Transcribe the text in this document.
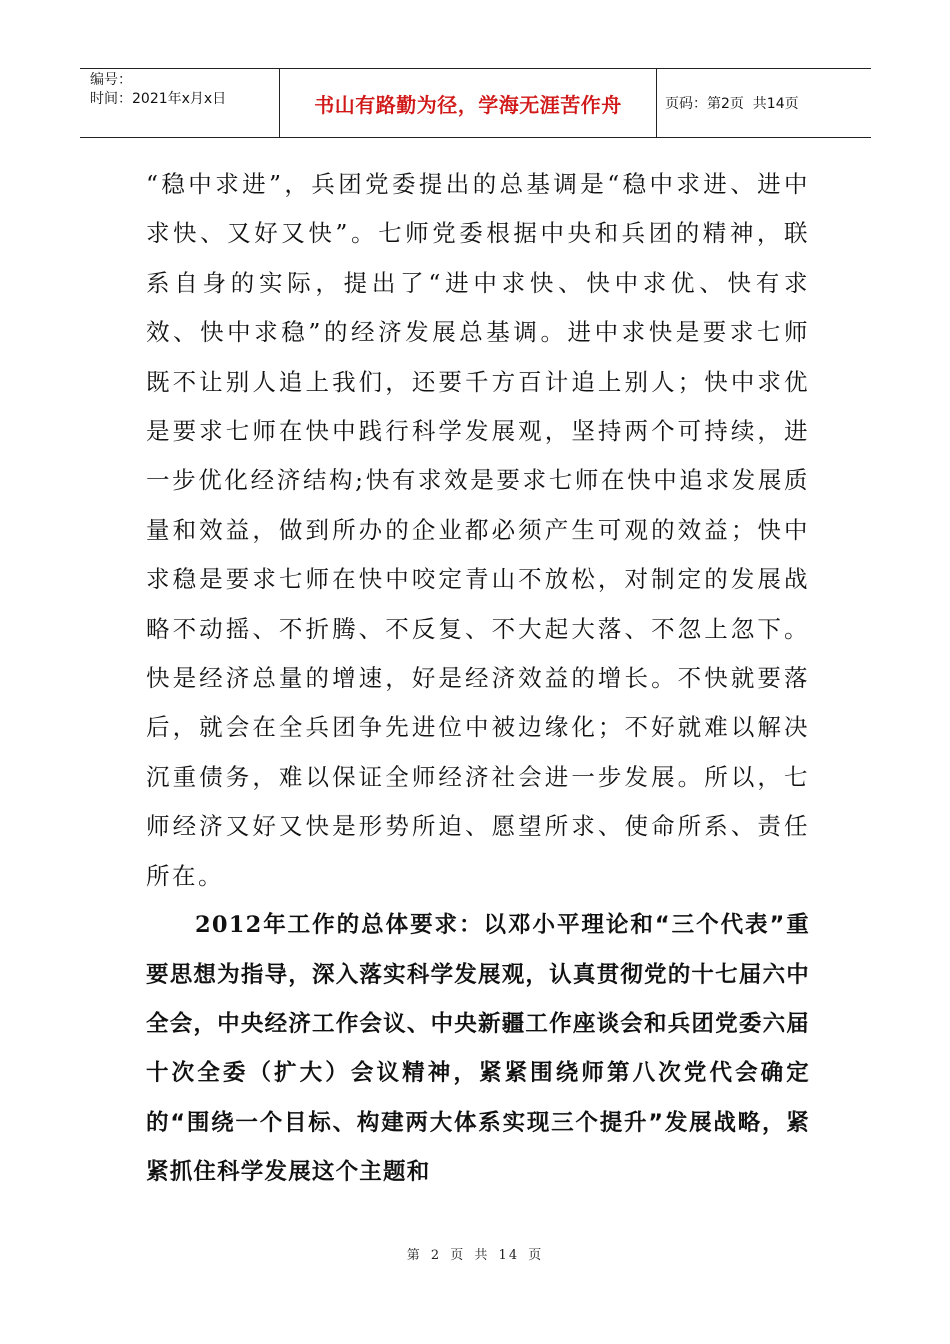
编号：
时间：2021年x月x日	书山有路勤为径，学海无涯苦作舟	页码：第2页  共14页

“稳中求进”，兵团党委提出的总基调是“稳中求进、进中求快、又好又快”。七师党委根据中央和兵团的精神，联系自身的实际，提出了“进中求快、快中求优、快有求效、快中求稳”的经济发展总基调。进中求快是要求七师既不让别人追上我们，还要千方百计追上别人；快中求优是要求七师在快中践行科学发展观，坚持两个可持续，进一步优化经济结构;快有求效是要求七师在快中追求发展质量和效益，做到所办的企业都必须产生可观的效益；快中求稳是要求七师在快中咬定青山不放松，对制定的发展战略不动摇、不折腾、不反复、不大起大落、不忽上忽下。快是经济总量的增速，好是经济效益的增长。不快就要落后，就会在全兵团争先进位中被边缘化；不好就难以解决沉重债务，难以保证全师经济社会进一步发展。所以，七师经济又好又快是形势所迫、愿望所求、使命所系、责任所在。

2012年工作的总体要求：以邓小平理论和“三个代表”重要思想为指导，深入落实科学发展观，认真贯彻党的十七届六中全会，中央经济工作会议、中央新疆工作座谈会和兵团党委六届十次全委（扩大）会议精神，紧紧围绕师第八次党代会确定的“围绕一个目标、构建两大体系实现三个提升”发展战略，紧紧抓住科学发展这个主题和

第 2 页 共 14 页
